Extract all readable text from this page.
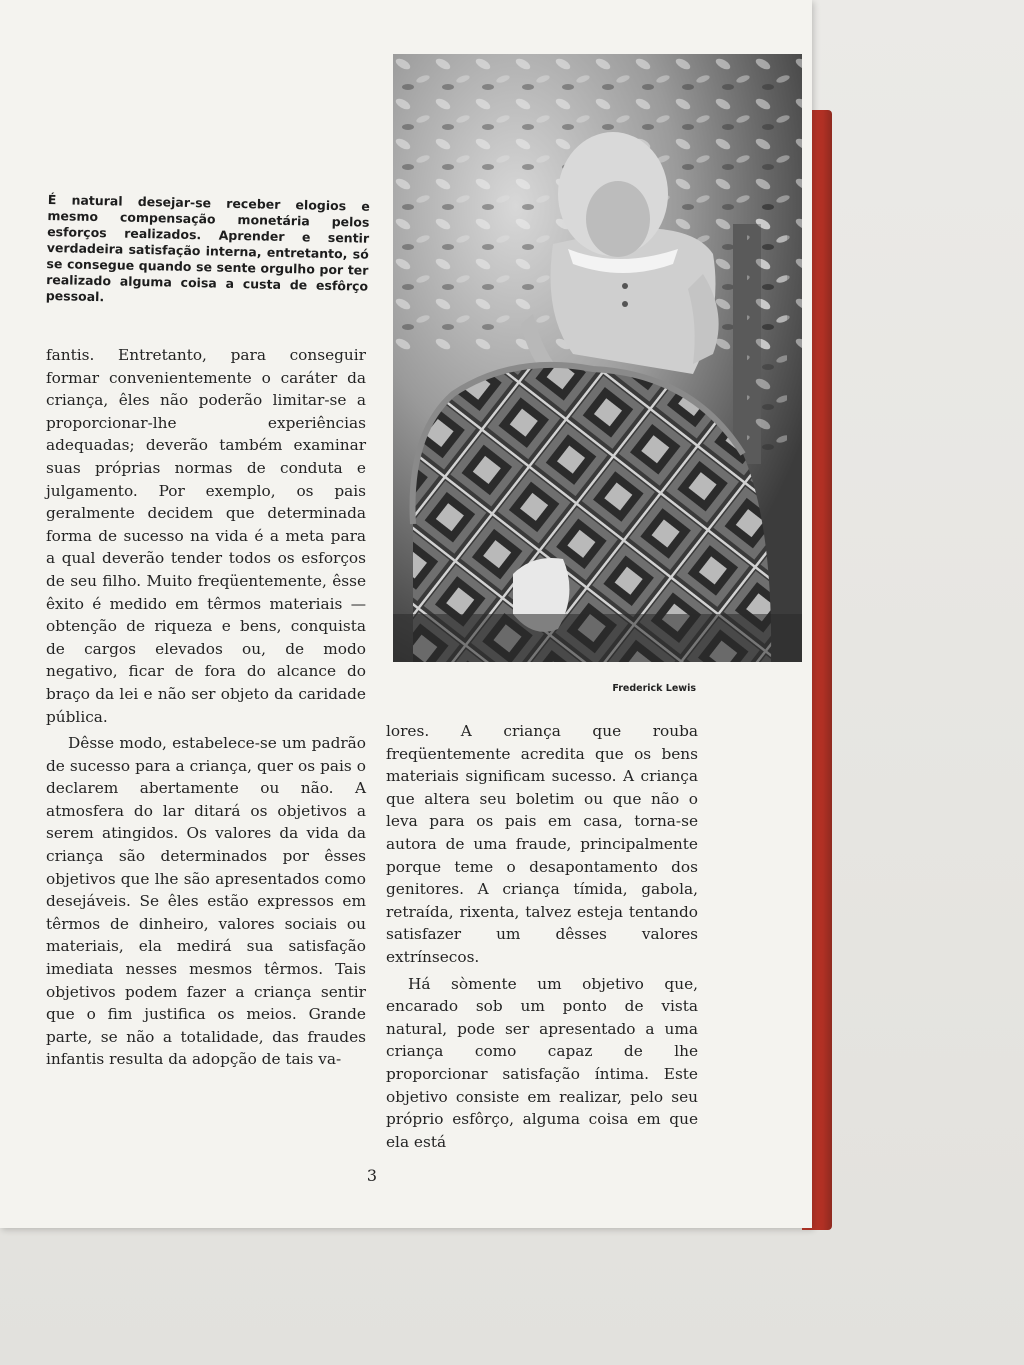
É natural desejar-se receber elogios e mesmo compensação monetária pelos esforços realizados. Aprender e sentir verdadeira satisfação interna, entretanto, só se consegue quando se sente orgulho por ter realizado alguma coisa a custa de esfôrço pessoal.

fantis. Entretanto, para conseguir formar convenientemente o caráter da criança, êles não poderão limitar-se a proporcionar-lhe experiências adequadas; deverão também examinar suas próprias normas de conduta e julgamento. Por exemplo, os pais geralmente decidem que determinada forma de sucesso na vida é a meta para a qual deverão tender todos os esforços de seu filho. Muito freqüentemente, êsse êxito é medido em têrmos materiais — obtenção de riqueza e bens, conquista de cargos elevados ou, de modo negativo, ficar de fora do alcance do braço da lei e não ser objeto da caridade pública.

Dêsse modo, estabelece-se um padrão de sucesso para a criança, quer os pais o declarem abertamente ou não. A atmosfera do lar ditará os objetivos a serem atingidos. Os valores da vida da criança são determinados por êsses objetivos que lhe são apresentados como desejáveis. Se êles estão expressos em têrmos de dinheiro, valores sociais ou materiais, ela medirá sua satisfação imediata nesses mesmos têrmos. Tais objetivos podem fazer a criança sentir que o fim justifica os meios. Grande parte, se não a totalidade, das fraudes infantis resulta da adopção de tais va-

Frederick Lewis

lores. A criança que rouba freqüentemente acredita que os bens materiais significam sucesso. A criança que altera seu boletim ou que não o leva para os pais em casa, torna-se autora de uma fraude, principalmente porque teme o desapontamento dos genitores. A criança tímida, gabola, retraída, rixenta, talvez esteja tentando satisfazer um dêsses valores extrínsecos.

Há sòmente um objetivo que, encarado sob um ponto de vista natural, pode ser apresentado a uma criança como capaz de lhe proporcionar satisfação íntima. Este objetivo consiste em realizar, pelo seu próprio esfôrço, alguma coisa em que ela está

3
